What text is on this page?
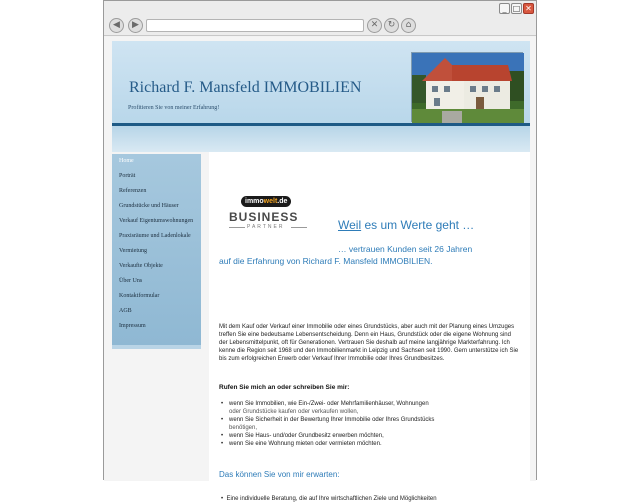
_ □ ✕
◀	▶	✕	↻	⌂
Richard F. Mansfeld IMMOBILIEN
Profitieren Sie von meiner Erfahrung!
Home
Porträt
Referenzen
Grundstücke und Häuser
Verkauf Eigentumswohnungen
Praxisräume und Ladenlokale
Vermietung
Verkaufte Objekte
Über Uns
Kontaktformular
AGB
Impressum
immowelt.de
BUSINESS
PARTNER	Weil es um Werte geht …
… vertrauen Kunden seit 26 Jahren
auf die Erfahrung von Richard F. Mansfeld IMMOBILIEN.

Mit dem Kauf oder Verkauf einer Immobilie oder eines Grundstücks, aber auch mit der Planung eines Umzuges treffen Sie eine bedeutsame Lebensentscheidung. Denn ein Haus, Grundstück oder die eigene Wohnung sind der Lebensmittelpunkt, oft für Generationen. Vertrauen Sie deshalb auf meine langjährige Markterfahrung. Ich kenne die Region seit 1968 und den Immobilienmarkt in Leipzig und Sachsen seit 1990. Gern unterstütze ich Sie bis zum erfolgreichen Erwerb oder Verkauf Ihrer Immobilie oder Ihres Grundbesitzes.

Rufen Sie mich an oder schreiben Sie mir:
• wenn Sie Immobilien, wie Ein-/Zwei- oder Mehrfamilienhäuser, Wohnungen
oder Grundstücke kaufen oder verkaufen wollen,
• wenn Sie Sicherheit in der Bewertung Ihrer Immobilie oder Ihres Grundstücks
benötigen,
• wenn Sie Haus- und/oder Grundbesitz erwerben möchten,
• wenn Sie eine Wohnung mieten oder vermieten möchten.
Das können Sie von mir erwarten:
•  Eine individuelle Beratung, die auf Ihre wirtschaftlichen Ziele und Möglichkeiten
